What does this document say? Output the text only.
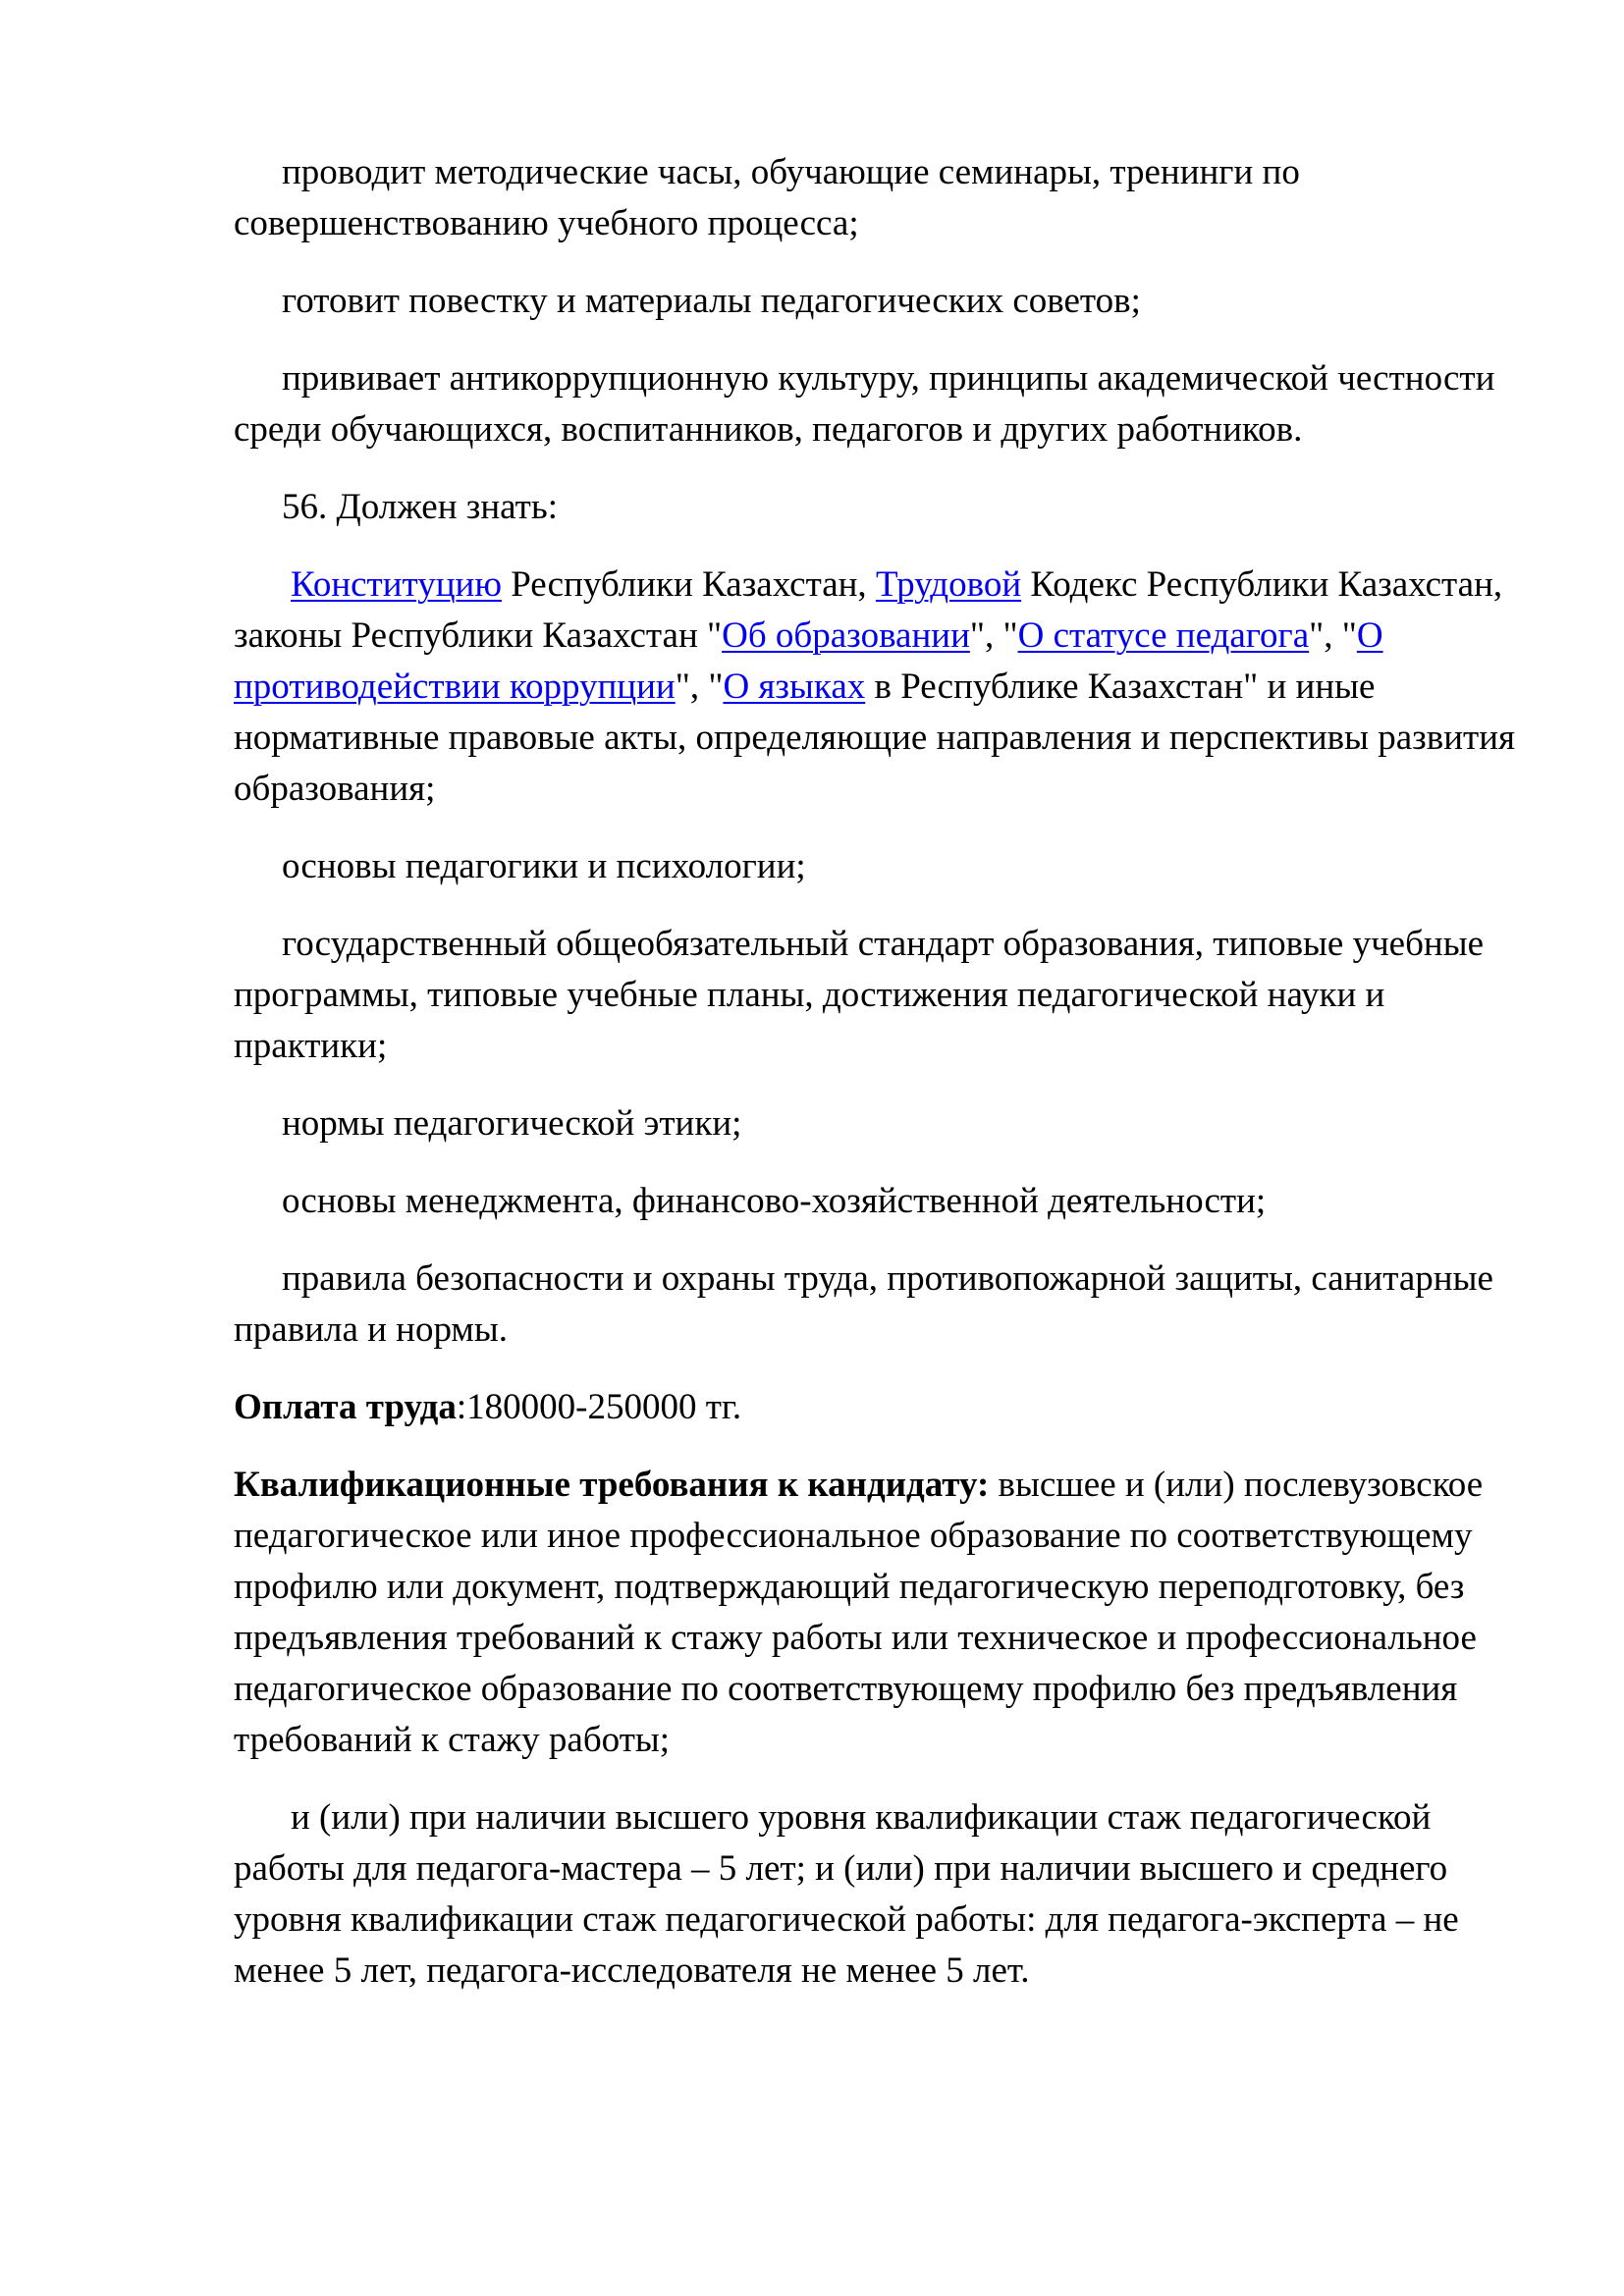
проводит методические часы, обучающие семинары, тренинги по совершенствованию учебного процесса;

готовит повестку и материалы педагогических советов;

прививает антикоррупционную культуру, принципы академической честности среди обучающихся, воспитанников, педагогов и других работников.

56. Должен знать:

Конституцию Республики Казахстан, Трудовой Кодекс Республики Казахстан, законы Республики Казахстан "Об образовании", "О статусе педагога", "О противодействии коррупции", "О языках в Республике Казахстан" и иные нормативные правовые акты, определяющие направления и перспективы развития образования;

основы педагогики и психологии;

государственный общеобязательный стандарт образования, типовые учебные программы, типовые учебные планы, достижения педагогической науки и практики;

нормы педагогической этики;

основы менеджмента, финансово-хозяйственной деятельности;

правила безопасности и охраны труда, противопожарной защиты, санитарные правила и нормы.

Оплата труда:180000-250000 тг.

Квалификационные требования к кандидату: высшее и (или) послевузовское педагогическое или иное профессиональное образование по соответствующему профилю или документ, подтверждающий педагогическую переподготовку, без предъявления требований к стажу работы или техническое и профессиональное педагогическое образование по соответствующему профилю без предъявления требований к стажу работы;

и (или) при наличии высшего уровня квалификации стаж педагогической работы для педагога-мастера – 5 лет; и (или) при наличии высшего и среднего уровня квалификации стаж педагогической работы: для педагога-эксперта – не менее 5 лет, педагога-исследователя не менее 5 лет.
